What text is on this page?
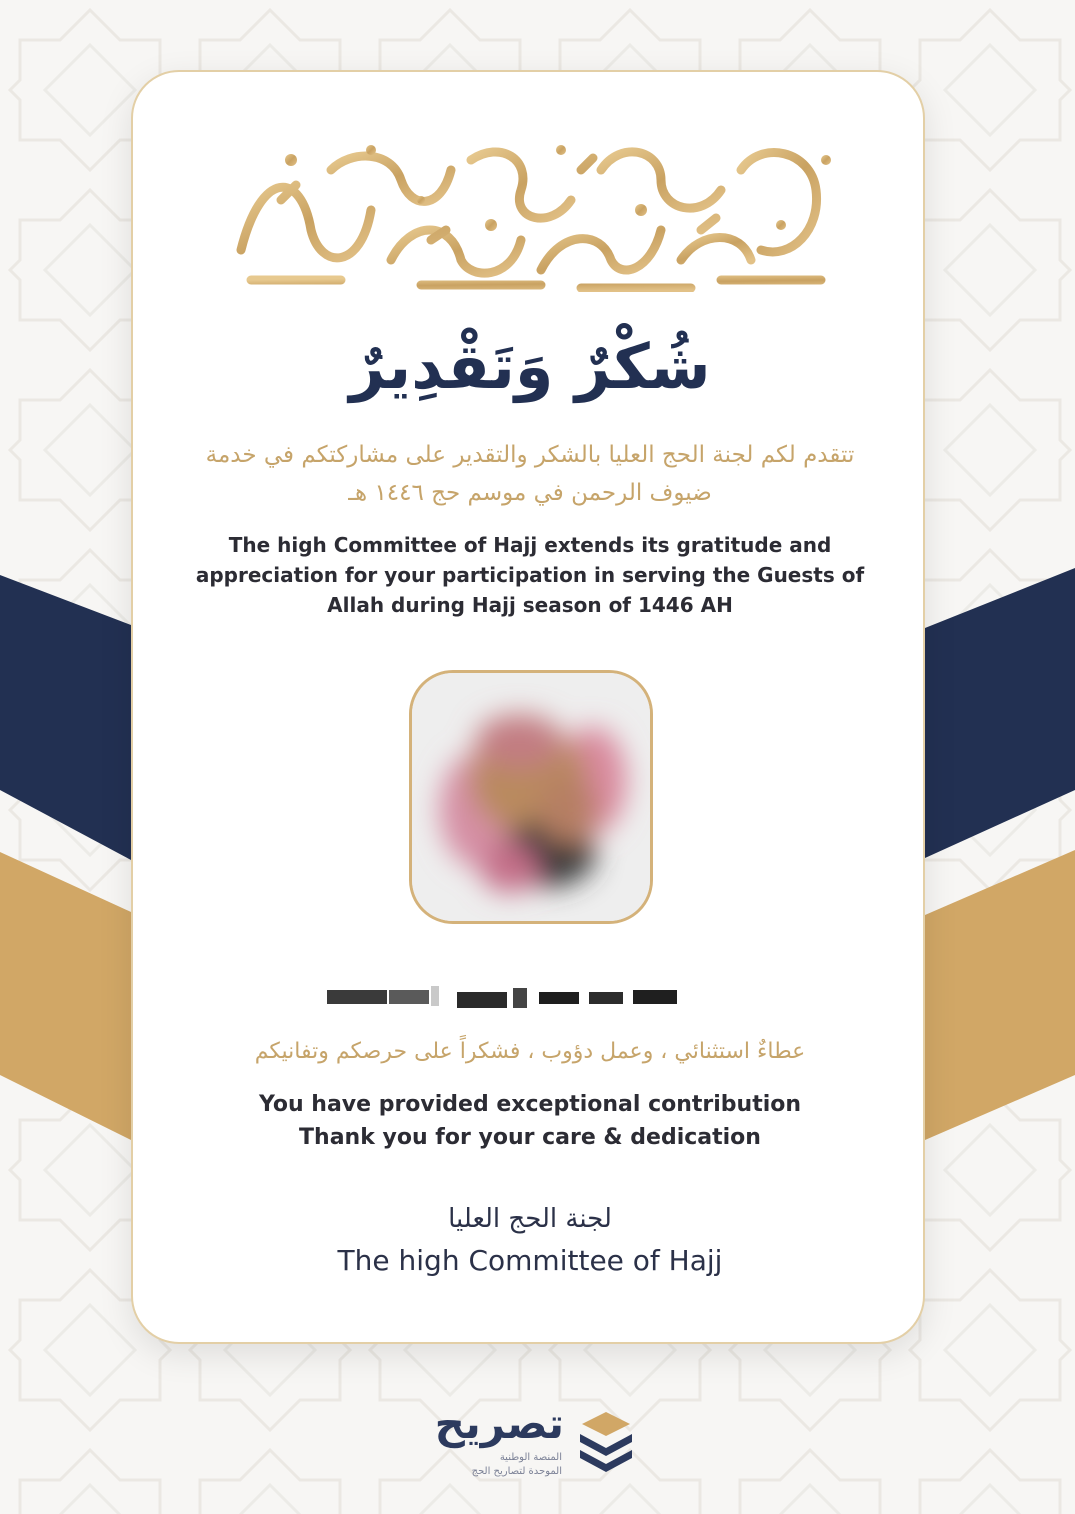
شُكْرٌ وَتَقْدِيرٌ
تتقدم لكم لجنة الحج العليا بالشكر والتقدير على مشاركتكم في خدمة ضيوف الرحمن في موسم حج ١٤٤٦ هـ
The high Committee of Hajj extends its gratitude and appreciation for your participation in serving the Guests of Allah during Hajj season of 1446 AH
عطاءٌ استثنائي ، وعمل دؤوب ، فشكراً على حرصكم وتفانيكم
You have provided exceptional contribution
Thank you for your care & dedication
لجنة الحج العليا
The high Committee of Hajj
تصريح
المنصة الوطنية
الموحدة لتصاريح الحج
